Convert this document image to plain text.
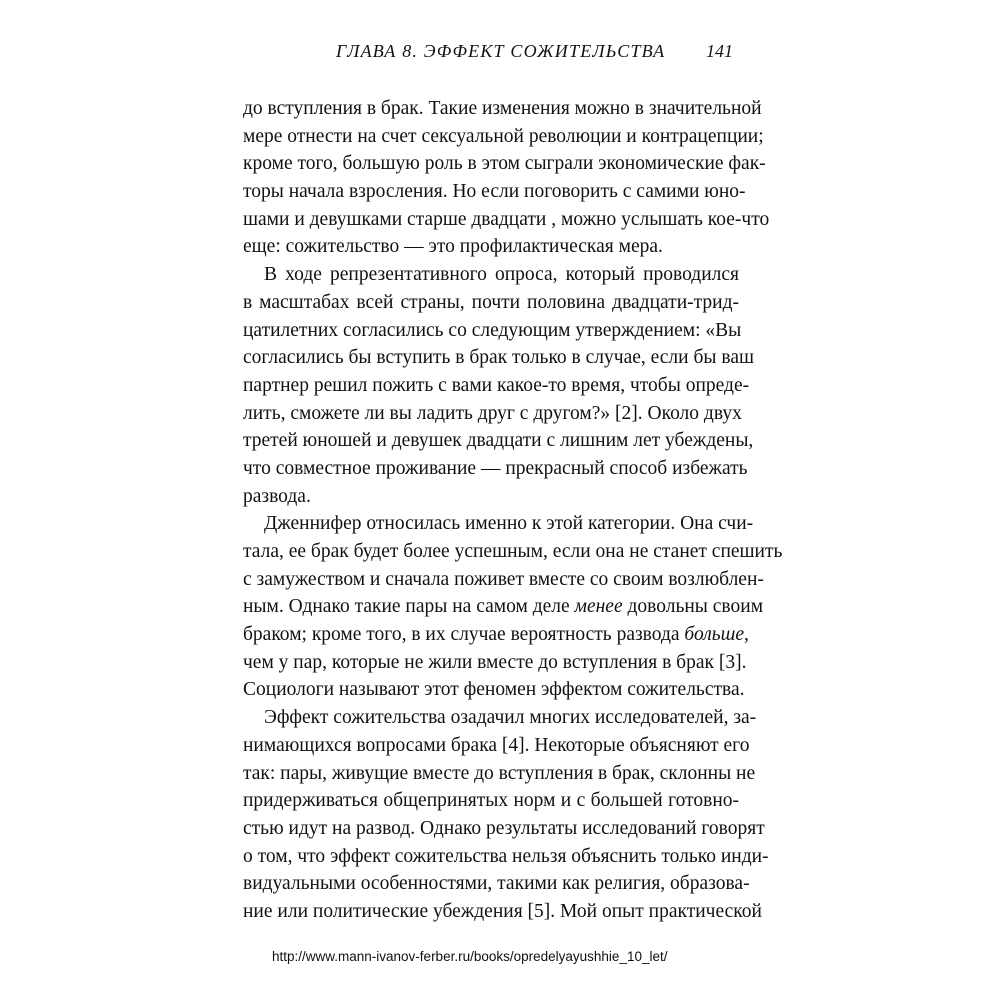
ГЛАВА 8. ЭФФЕКТ СОЖИТЕЛЬСТВА 141
до вступления в брак. Такие изменения можно в значительной
мере отнести на счет сексуальной революции и контрацепции;
кроме того, большую роль в этом сыграли экономические фак-
торы начала взросления. Но если поговорить с самими юно-
шами и девушками старше двадцати , можно услышать кое-что
еще: сожительство — это профилактическая мера.
В ходе репрезентативного опроса, который проводился
в масштабах всей страны, почти половина двадцати-трид-
цатилетних согласились со следующим утверждением: «Вы
согласились бы вступить в брак только в случае, если бы ваш
партнер решил пожить с вами какое-то время, чтобы опреде-
лить, сможете ли вы ладить друг с другом?» [2]. Около двух
третей юношей и девушек двадцати с лишним лет убеждены,
что совместное проживание — прекрасный способ избежать
развода.
Дженнифер относилась именно к этой категории. Она счи-
тала, ее брак будет более успешным, если она не станет спешить
с замужеством и сначала поживет вместе со своим возлюблен-
ным. Однако такие пары на самом деле менее довольны своим
браком; кроме того, в их случае вероятность развода больше,
чем у пар, которые не жили вместе до вступления в брак [3].
Социологи называют этот феномен эффектом сожительства.
Эффект сожительства озадачил многих исследователей, за-
нимающихся вопросами брака [4]. Некоторые объясняют его
так: пары, живущие вместе до вступления в брак, склонны не
придерживаться общепринятых норм и с большей готовно-
стью идут на развод. Однако результаты исследований говорят
о том, что эффект сожительства нельзя объяснить только инди-
видуальными особенностями, такими как религия, образова-
ние или политические убеждения [5]. Мой опыт практической
http://www.mann-ivanov-ferber.ru/books/opredelyayushhie_10_let/
